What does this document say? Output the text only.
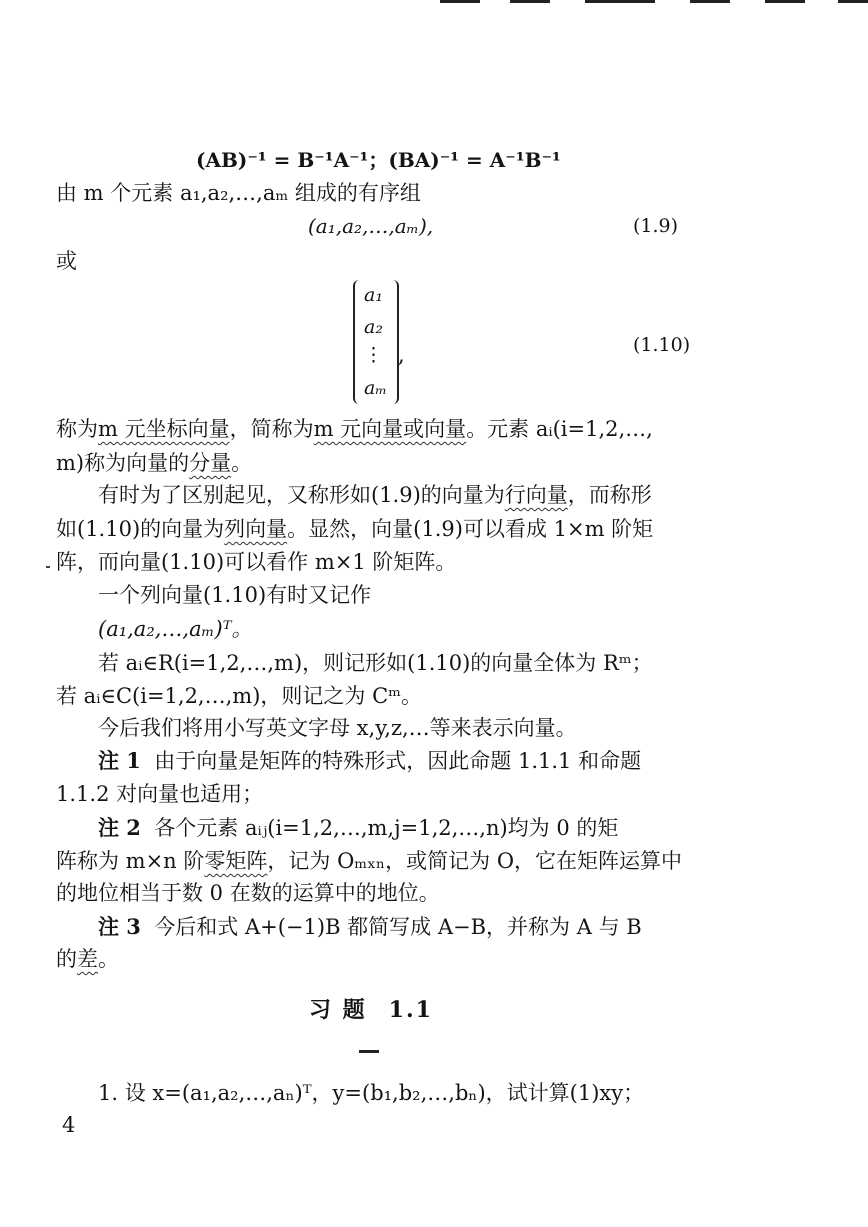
(AB)⁻¹ = B⁻¹A⁻¹；(BA)⁻¹ = A⁻¹B⁻¹
由 m 个元素 a₁,a₂,…,aₘ 组成的有序组
(a₁,a₂,…,aₘ),	(1.9)
或
a₁
a₂
⋮
aₘ
,	(1.10)
称为m 元坐标向量，简称为m 元向量或向量。元素 aᵢ(i=1,2,…,
m)称为向量的分量。
有时为了区别起见，又称形如(1.9)的向量为行向量，而称形
如(1.10)的向量为列向量。显然，向量(1.9)可以看成 1×m 阶矩
阵，而向量(1.10)可以看作 m×1 阶矩阵。
一个列向量(1.10)有时又记作
(a₁,a₂,…,aₘ)ᵀ。
若 aᵢ∈R(i=1,2,…,m)，则记形如(1.10)的向量全体为 Rᵐ；
若 aᵢ∈C(i=1,2,…,m)，则记之为 Cᵐ。
今后我们将用小写英文字母 x,y,z,…等来表示向量。
注 1 由于向量是矩阵的特殊形式，因此命题 1.1.1 和命题
1.1.2 对向量也适用；
注 2 各个元素 aᵢⱼ(i=1,2,…,m,j=1,2,…,n)均为 0 的矩
阵称为 m×n 阶零矩阵，记为 Oₘₓₙ，或简记为 O，它在矩阵运算中
的地位相当于数 0 在数的运算中的地位。
注 3 今后和式 A+(−1)B 都简写成 A−B，并称为 A 与 B
的差。
习 题 1.1
1. 设 x=(a₁,a₂,…,aₙ)ᵀ，y=(b₁,b₂,…,bₙ)，试计算(1)xy；
4
